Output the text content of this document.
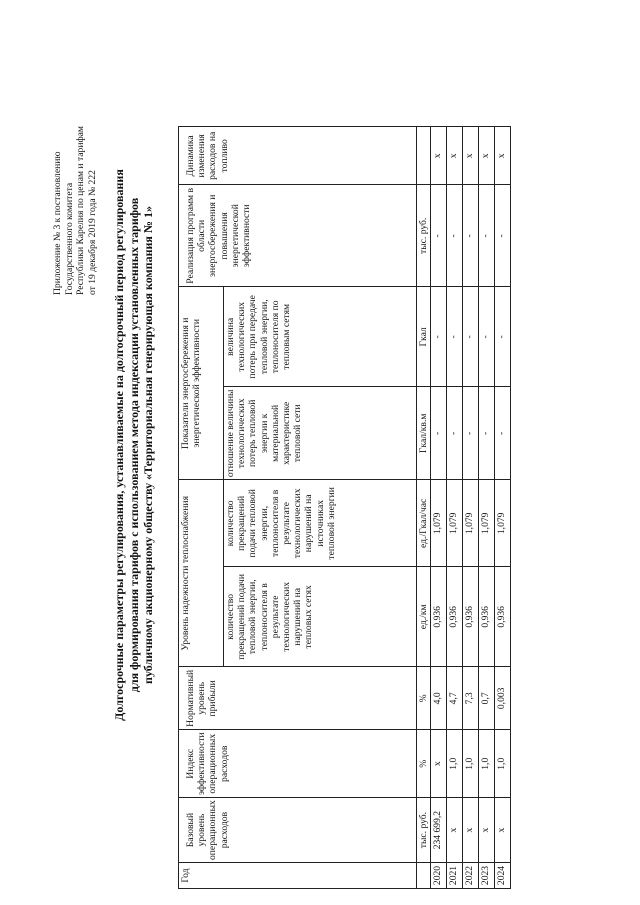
Приложение № 3 к постановлению Государственного комитета Республики Карелия по ценам и тарифам от 19 декабря 2019 года № 222 Долгосрочные параметры регулирования, устанавливаемые на долгосрочный период регулирования для формирования тарифов с использованием метода индексации установленных тарифов публичному акционерному обществу «Территориальная генерирующая компания № 1»
Год	Базовый уровень операционных расходов	Индекс эффективности операционных расходов	Нормативный уровень прибыли	Уровень надежности теплоснабжения		Показатели энергосбережения и энергетической эффективности		Реализация программ в области энергосбережения и повышения энергетической эффективности	Динамика изменения расходов на топливо
				количество прекращений подачи тепловой энергии, теплоносителя в результате технологических нарушений на тепловых сетях	количество прекращений подачи тепловой энергии, теплоносителя в результате технологических нарушений на источниках тепловой энергии	отношение величины технологических потерь тепловой энергии к материальной характеристике тепловой сети	величина технологических потерь при передаче тепловой энергии, теплоносителя по тепловым сетям		
	тыс. руб.	%	%	ед./км	ед./Гкал/час	Гкал/кв.м	Гкал	тыс. руб.	
2020	234 699,2	х	4,0	0,936	1,079	-	-	-	х
2021	х	1,0	4,7	0,936	1,079	-	-	-	х
2022	х	1,0	7,3	0,936	1,079	-	-	-	х
2023	х	1,0	0,7	0,936	1,079	-	-	-	х
2024	х	1,0	0,003	0,936	1,079	-	-	-	х
